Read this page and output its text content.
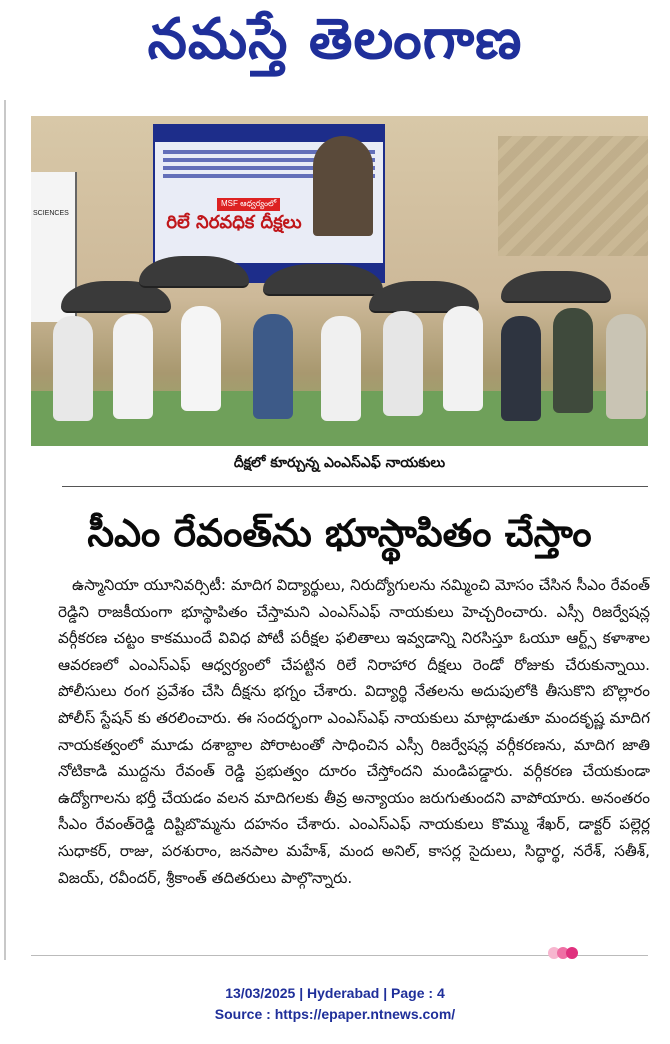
నమస్తే తెలంగాణ
SCIENCES
MSF ఆధ్వర్యంలో
రిలే నిరవధిక దీక్షలు
దీక్షలో కూర్చున్న ఎంఎస్ఎఫ్ నాయకులు
సీఎం రేవంత్‌ను భూస్థాపితం చేస్తాం
ఉస్మానియా యూనివర్సిటీ: మాదిగ విద్యార్థులు, నిరుద్యోగులను నమ్మించి మోసం చేసిన సీఎం రేవంత్ రెడ్డిని రాజకీయంగా భూస్థాపితం చేస్తామని ఎంఎస్ఎఫ్ నాయకులు హెచ్చరించారు. ఎస్సీ రిజర్వేషన్ల వర్గీకరణ చట్టం కాకముందే వివిధ పోటీ పరీక్షల ఫలితాలు ఇవ్వడాన్ని నిరసిస్తూ ఓయూ ఆర్ట్స్ కళాశాల ఆవరణలో ఎంఎస్ఎఫ్ ఆధ్వర్యంలో చేపట్టిన రిలే నిరాహార దీక్షలు రెండో రోజుకు చేరుకున్నాయి. పోలీసులు రంగ ప్రవేశం చేసి దీక్షను భగ్నం చేశారు. విద్యార్థి నేతలను అదుపులోకి తీసుకొని బొల్లారం పోలీస్ స్టేషన్ కు తరలించారు. ఈ సందర్భంగా ఎంఎస్ఎఫ్ నాయకులు మాట్లాడుతూ మందకృష్ణ మాదిగ నాయకత్వంలో మూడు దశాబ్దాల పోరాటంతో సాధించిన ఎస్సీ రిజర్వేషన్ల వర్గీకరణను, మాదిగ జాతి నోటికాడి ముద్దను రేవంత్ రెడ్డి ప్రభుత్వం దూరం చేస్తోందని మండిపడ్డారు. వర్గీకరణ చేయకుండా ఉద్యోగాలను భర్తీ చేయడం వలన మాదిగలకు తీవ్ర అన్యాయం జరుగుతుందని వాపోయారు. అనంతరం సీఎం రేవంత్‌రెడ్డి దిష్టిబొమ్మను దహనం చేశారు. ఎంఎస్ఎఫ్ నాయకులు కొమ్ము శేఖర్, డాక్టర్ పల్లెర్ల సుధాకర్, రాజు, పరశురాం, జనపాల మహేశ్, మంద అనిల్, కాసర్ల సైదులు, సిద్ధార్థ, నరేశ్, సతీశ్, విజయ్, రవీందర్, శ్రీకాంత్ తదితరులు పాల్గొన్నారు.
13/03/2025 | Hyderabad | Page : 4
Source : https://epaper.ntnews.com/
